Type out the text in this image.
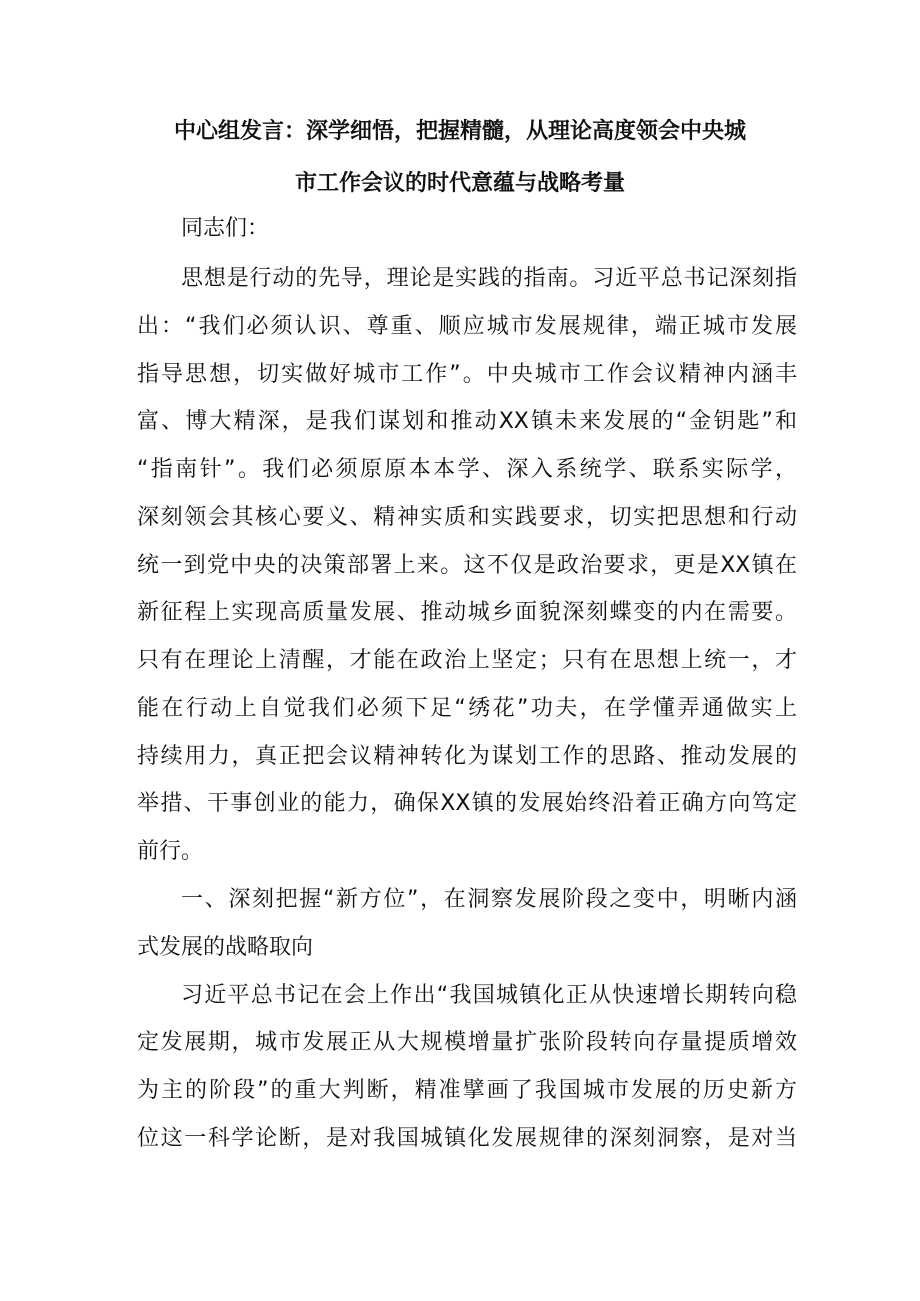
中心组发言：深学细悟，把握精髓，从理论高度领会中央城
市工作会议的时代意蕴与战略考量
同志们：
思想是行动的先导，理论是实践的指南。习近平总书记深刻指
出：“我们必须认识、尊重、顺应城市发展规律，端正城市发展
指导思想，切实做好城市工作”。中央城市工作会议精神内涵丰
富、博大精深，是我们谋划和推动XX镇未来发展的“金钥匙”和
“指南针”。我们必须原原本本学、深入系统学、联系实际学，
深刻领会其核心要义、精神实质和实践要求，切实把思想和行动
统一到党中央的决策部署上来。这不仅是政治要求，更是XX镇在
新征程上实现高质量发展、推动城乡面貌深刻蝶变的内在需要。
只有在理论上清醒，才能在政治上坚定；只有在思想上统一，才
能在行动上自觉我们必须下足“绣花”功夫，在学懂弄通做实上
持续用力，真正把会议精神转化为谋划工作的思路、推动发展的
举措、干事创业的能力，确保XX镇的发展始终沿着正确方向笃定
前行。
一、深刻把握“新方位”，在洞察发展阶段之变中，明晰内涵
式发展的战略取向
习近平总书记在会上作出“我国城镇化正从快速增长期转向稳
定发展期，城市发展正从大规模增量扩张阶段转向存量提质增效
为主的阶段”的重大判断，精准擘画了我国城市发展的历史新方
位这一科学论断，是对我国城镇化发展规律的深刻洞察，是对当
